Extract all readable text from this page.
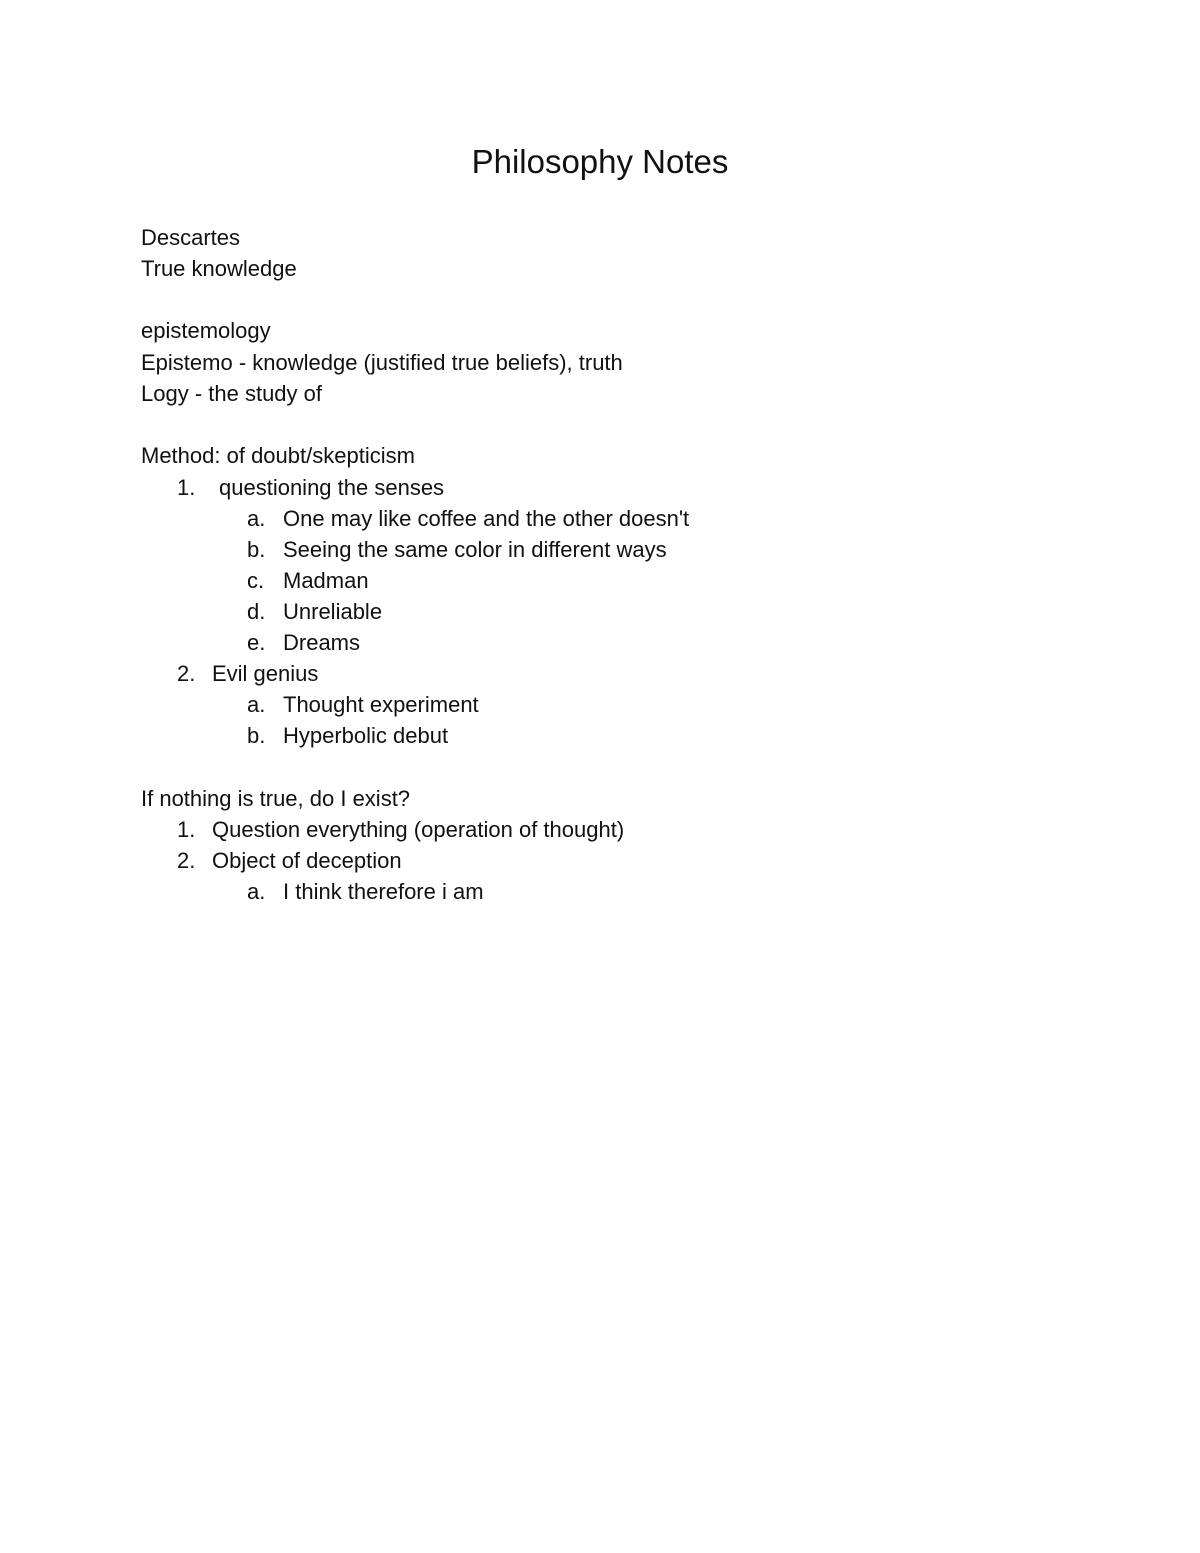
Philosophy Notes

Descartes

True knowledge

epistemology

Epistemo - knowledge (justified true beliefs), truth

Logy - the study of

Method: of doubt/skepticism

1. questioning the senses
a. One may like coffee and the other doesn't
b. Seeing the same color in different ways
c. Madman
d. Unreliable
e. Dreams
2. Evil genius
a. Thought experiment
b. Hyperbolic debut

If nothing is true, do I exist?

1. Question everything (operation of thought)
2. Object of deception
a. I think therefore i am
